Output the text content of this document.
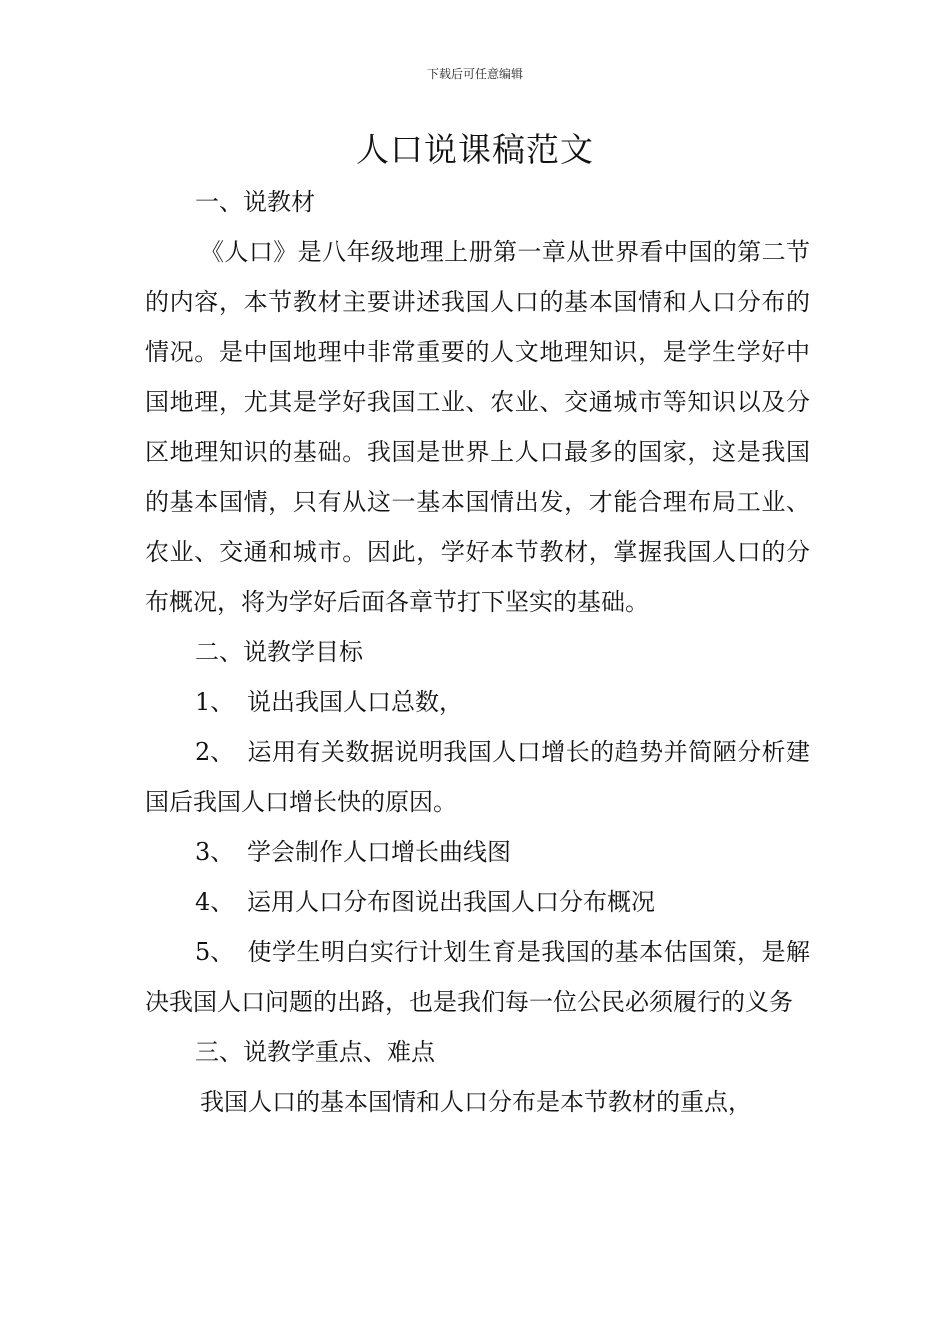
下载后可任意编辑
人口说课稿范文

一、说教材

《人口》是八年级地理上册第一章从世界看中国的第二节的内容，本节教材主要讲述我国人口的基本国情和人口分布的情况。是中国地理中非常重要的人文地理知识，是学生学好中国地理，尤其是学好我国工业、农业、交通城市等知识以及分区地理知识的基础。我国是世界上人口最多的国家，这是我国的基本国情，只有从这一基本国情出发，才能合理布局工业、农业、交通和城市。因此，学好本节教材，掌握我国人口的分布概况，将为学好后面各章节打下坚实的基础。

二、说教学目标

1、 说出我国人口总数，

2、 运用有关数据说明我国人口增长的趋势并简陋分析建国后我国人口增长快的原因。

3、 学会制作人口增长曲线图

4、 运用人口分布图说出我国人口分布概况

5、 使学生明白实行计划生育是我国的基本估国策，是解决我国人口问题的出路，也是我们每一位公民必须履行的义务

三、说教学重点、难点

我国人口的基本国情和人口分布是本节教材的重点，
